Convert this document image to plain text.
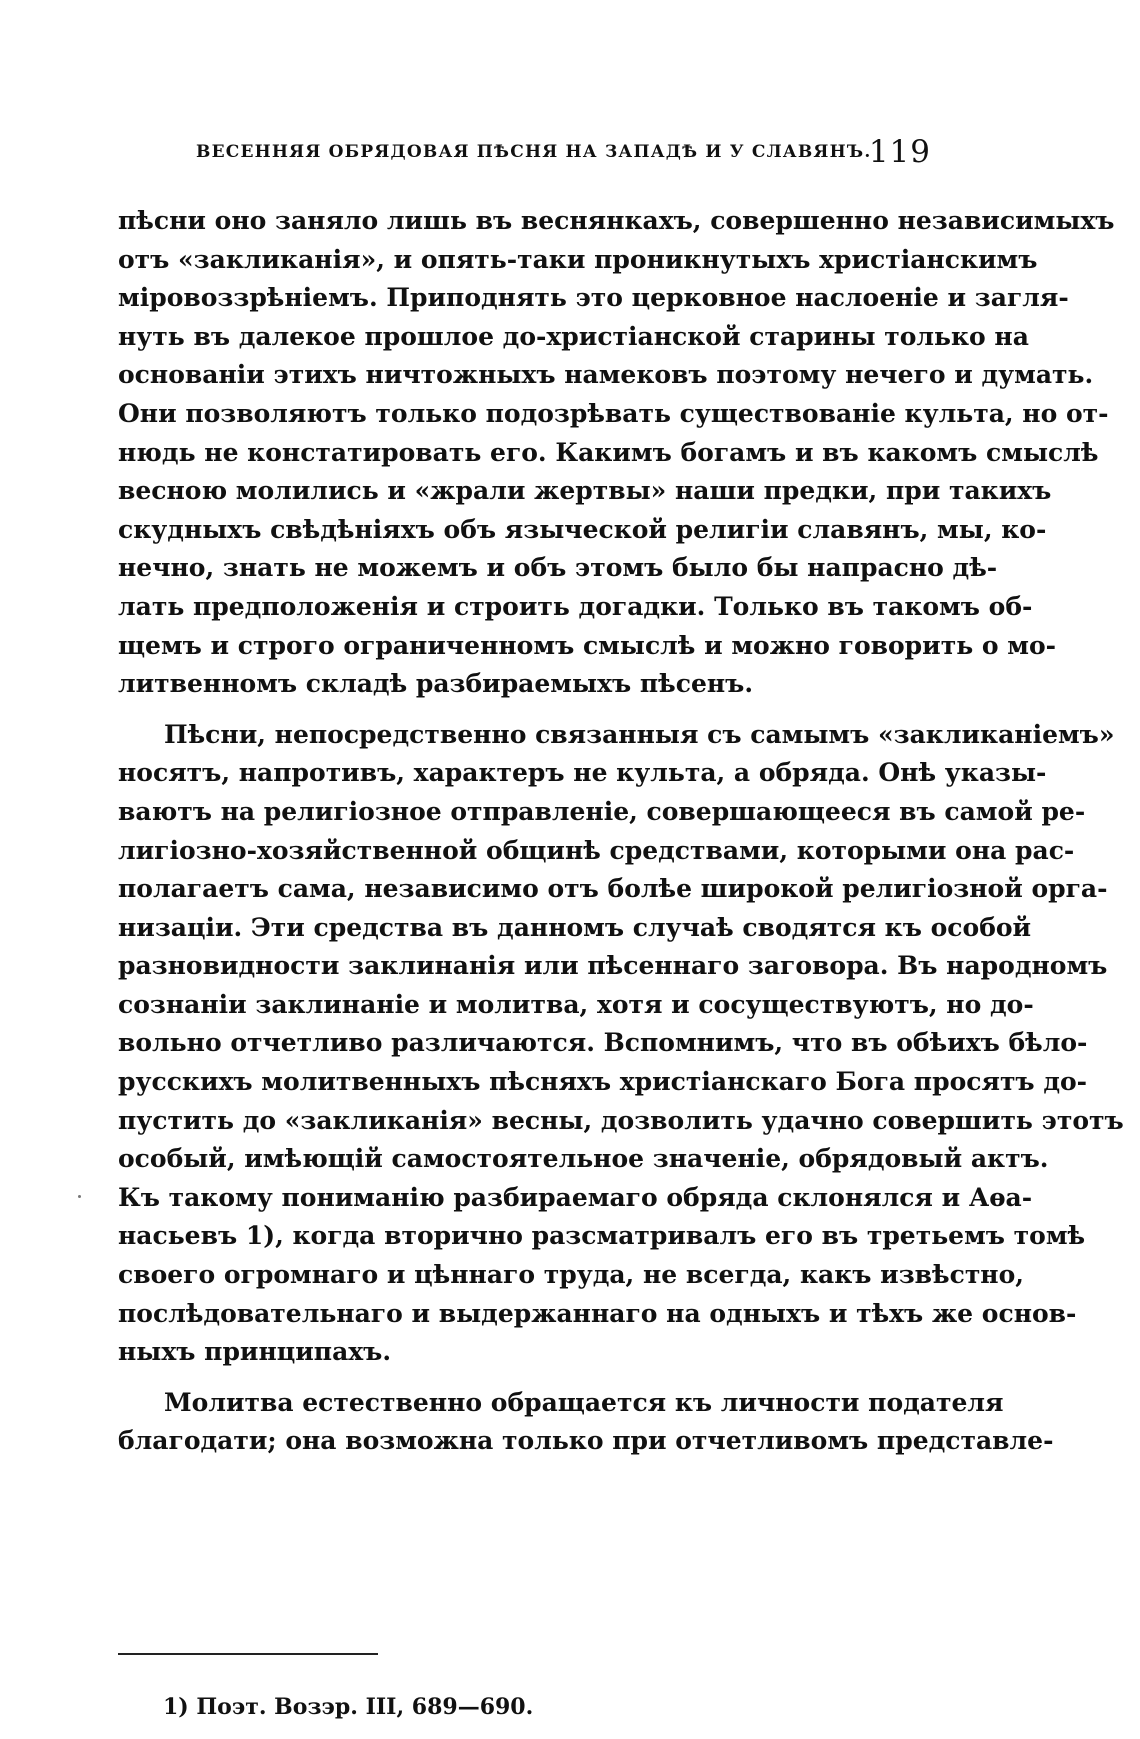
ВЕСЕННЯЯ ОБРЯДОВАЯ ПѢСНЯ НА ЗАПАДѢ И У СЛАВЯНЪ.
119
пѣсни оно заняло лишь въ веснянкахъ, совершенно независимыхъ
отъ «закликанія», и опять-таки проникнутыхъ христіанскимъ
міровоззрѣніемъ. Приподнять это церковное наслоеніе и загля-
нуть въ далекое прошлое до-христіанской старины только на
основаніи этихъ ничтожныхъ намековъ поэтому нечего и думать.
Они позволяютъ только подозрѣвать существованіе культа, но от-
нюдь не констатировать его. Какимъ богамъ и въ какомъ смыслѣ
весною молились и «жрали жертвы» наши предки, при такихъ
скудныхъ свѣдѣніяхъ объ языческой религіи славянъ, мы, ко-
нечно, знать не можемъ и объ этомъ было бы напрасно дѣ-
лать предположенія и строить догадки. Только въ такомъ об-
щемъ и строго ограниченномъ смыслѣ и можно говорить о мо-
литвенномъ складѣ разбираемыхъ пѣсенъ.
Пѣсни, непосредственно связанныя съ самымъ «закликаніемъ»
носятъ, напротивъ, характеръ не культа, а обряда. Онѣ указы-
ваютъ на религіозное отправленіе, совершающееся въ самой ре-
лигіозно-хозяйственной общинѣ средствами, которыми она рас-
полагаетъ сама, независимо отъ болѣе широкой религіозной орга-
низаціи. Эти средства въ данномъ случаѣ сводятся къ особой
разновидности заклинанія или пѣсеннаго заговора. Въ народномъ
сознаніи заклинаніе и молитва, хотя и сосуществуютъ, но до-
вольно отчетливо различаются. Вспомнимъ, что въ обѣихъ бѣло-
русскихъ молитвенныхъ пѣсняхъ христіанскаго Бога просятъ до-
пустить до «закликанія» весны, дозволить удачно совершить этотъ
особый, имѣющій самостоятельное значеніе, обрядовый актъ.
Къ такому пониманію разбираемаго обряда склонялся и Аѳа-
насьевъ 1), когда вторично разсматривалъ его въ третьемъ томѣ
своего огромнаго и цѣннаго труда, не всегда, какъ извѣстно,
послѣдовательнаго и выдержаннаго на одныхъ и тѣхъ же основ-
ныхъ принципахъ.
Молитва естественно обращается къ личности подателя
благодати; она возможна только при отчетливомъ представле-
1) Поэт. Возэр. III, 689—690.
